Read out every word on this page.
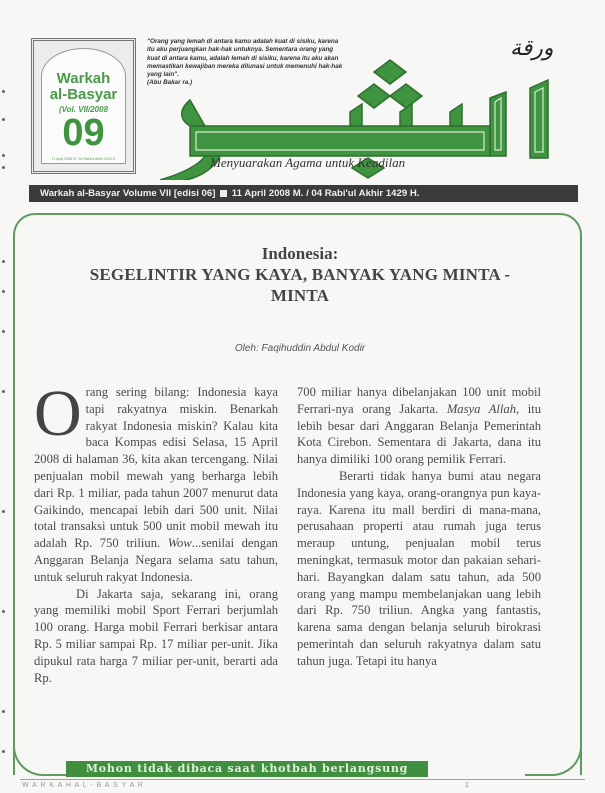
Warkah
al-Basyar
(Vol. VII/2008
09
11 April 2008 M / 04 Rabi'ul Akhir 1429 H
"Orang yang lemah di antara kamu adalah kuat di sisiku, karena itu aku perjuangkan hak-hak untuknya. Sementara orang yang kuat di antara kamu, adalah lemah di sisiku, karena itu aku akan memastikan kewajiban mereka dilunasi untuk memenuhi hak-hak yang lain".
(Abu Bakar ra.)
ورقة
Menyuarakan Agama untuk Keadilan
Warkah al-Basyar Volume VII [edisi 06] 11 April 2008 M. / 04 Rabi'ul Akhir 1429 H.
Indonesia:
SEGELINTIR YANG KAYA, BANYAK YANG MINTA -MINTA
Oleh: Faqihuddin Abdul Kodir

O rang sering bilang: Indonesia kaya tapi rakyatnya miskin. Benarkah rakyat Indonesia miskin? Kalau kita baca Kompas edisi Selasa, 15 April 2008 di halaman 36, kita akan tercengang. Nilai penjualan mobil mewah yang berharga lebih dari Rp. 1 miliar, pada tahun 2007 menurut data Gaikindo, mencapai lebih dari 500 unit. Nilai total transaksi untuk 500 unit mobil mewah itu adalah Rp. 750 triliun. Wow...senilai dengan Anggaran Belanja Negara selama satu tahun, untuk seluruh rakyat Indonesia.

Di Jakarta saja, sekarang ini, orang yang memiliki mobil Sport Ferrari berjumlah 100 orang. Harga mobil Ferrari berkisar antara Rp. 5 miliar sampai Rp. 17 miliar per-unit. Jika dipukul rata harga 7 miliar per-unit, berarti ada Rp.

700 miliar hanya dibelanjakan 100 unit mobil Ferrari-nya orang Jakarta. Masya Allah, itu lebih besar dari Anggaran Belanja Pemerintah Kota Cirebon. Sementara di Jakarta, dana itu hanya dimiliki 100 orang pemilik Ferrari.

Berarti tidak hanya bumi atau negara Indonesia yang kaya, orang-orangnya pun kaya-raya. Karena itu mall berdiri di mana-mana, perusahaan properti atau rumah juga terus meraup untung, penjualan mobil terus meningkat, termasuk motor dan pakaian sehari-hari. Bayangkan dalam satu tahun, ada 500 orang yang mampu membelanjakan uang lebih dari Rp. 750 triliun. Angka yang fantastis, karena sama dengan belanja seluruh birokrasi pemerintah dan seluruh rakyatnya dalam satu tahun juga. Tetapi itu hanya

Mohon tidak dibaca saat khotbah berlangsung
W A R K A H A L - B A S Y A R	1
